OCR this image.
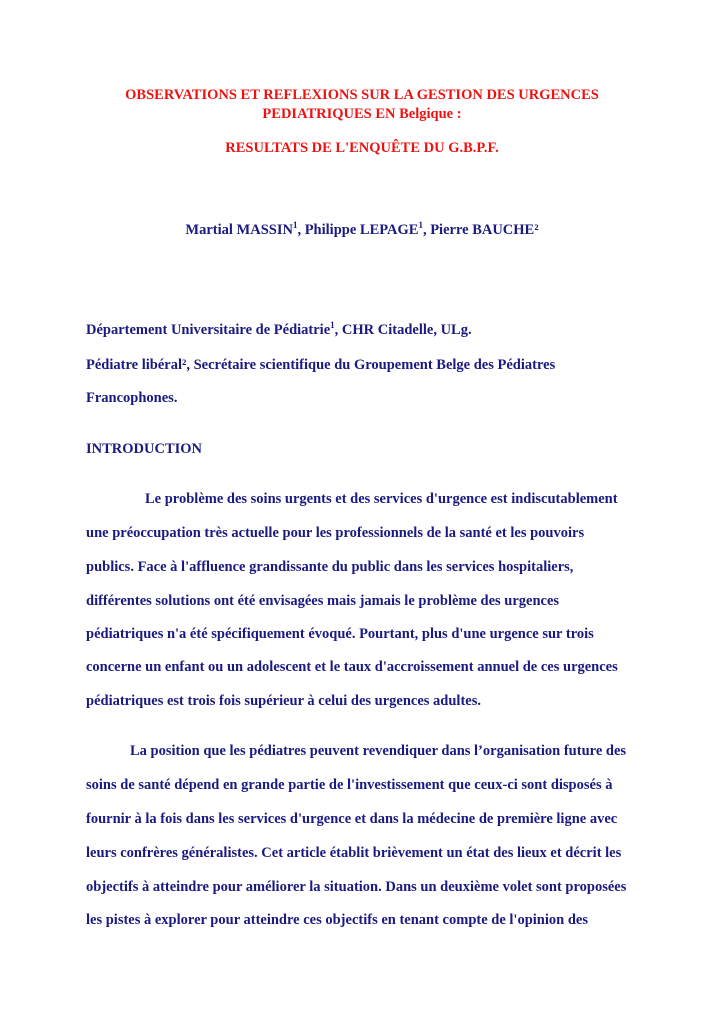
OBSERVATIONS ET REFLEXIONS SUR LA GESTION DES URGENCES
PEDIATRIQUES EN Belgique :
RESULTATS DE L'ENQUÊTE DU G.B.P.F.
Martial MASSIN$^1$, Philippe LEPAGE$^1$, Pierre BAUCHE²
Département Universitaire de Pédiatrie$^1$, CHR Citadelle, ULg.
Pédiatre libéral², Secrétaire scientifique du Groupement Belge des Pédiatres
Francophones.
INTRODUCTION
Le problème des soins urgents et des services d'urgence est indiscutablement
une préoccupation très actuelle pour les professionnels de la santé et les pouvoirs
publics. Face à l'affluence grandissante du public dans les services hospitaliers,
différentes solutions ont été envisagées mais jamais le problème des urgences
pédiatriques n'a été spécifiquement évoqué. Pourtant, plus d'une urgence sur trois
concerne un enfant ou un adolescent et le taux d'accroissement annuel de ces urgences
pédiatriques est trois fois supérieur à celui des urgences adultes.
La position que les pédiatres peuvent revendiquer dans l’organisation future des
soins de santé dépend en grande partie de l'investissement que ceux-ci sont disposés à
fournir à la fois dans les services d'urgence et dans la médecine de première ligne avec
leurs confrères généralistes. Cet article établit brièvement un état des lieux et décrit les
objectifs à atteindre pour améliorer la situation. Dans un deuxième volet sont proposées
les pistes à explorer pour atteindre ces objectifs en tenant compte de l'opinion des
